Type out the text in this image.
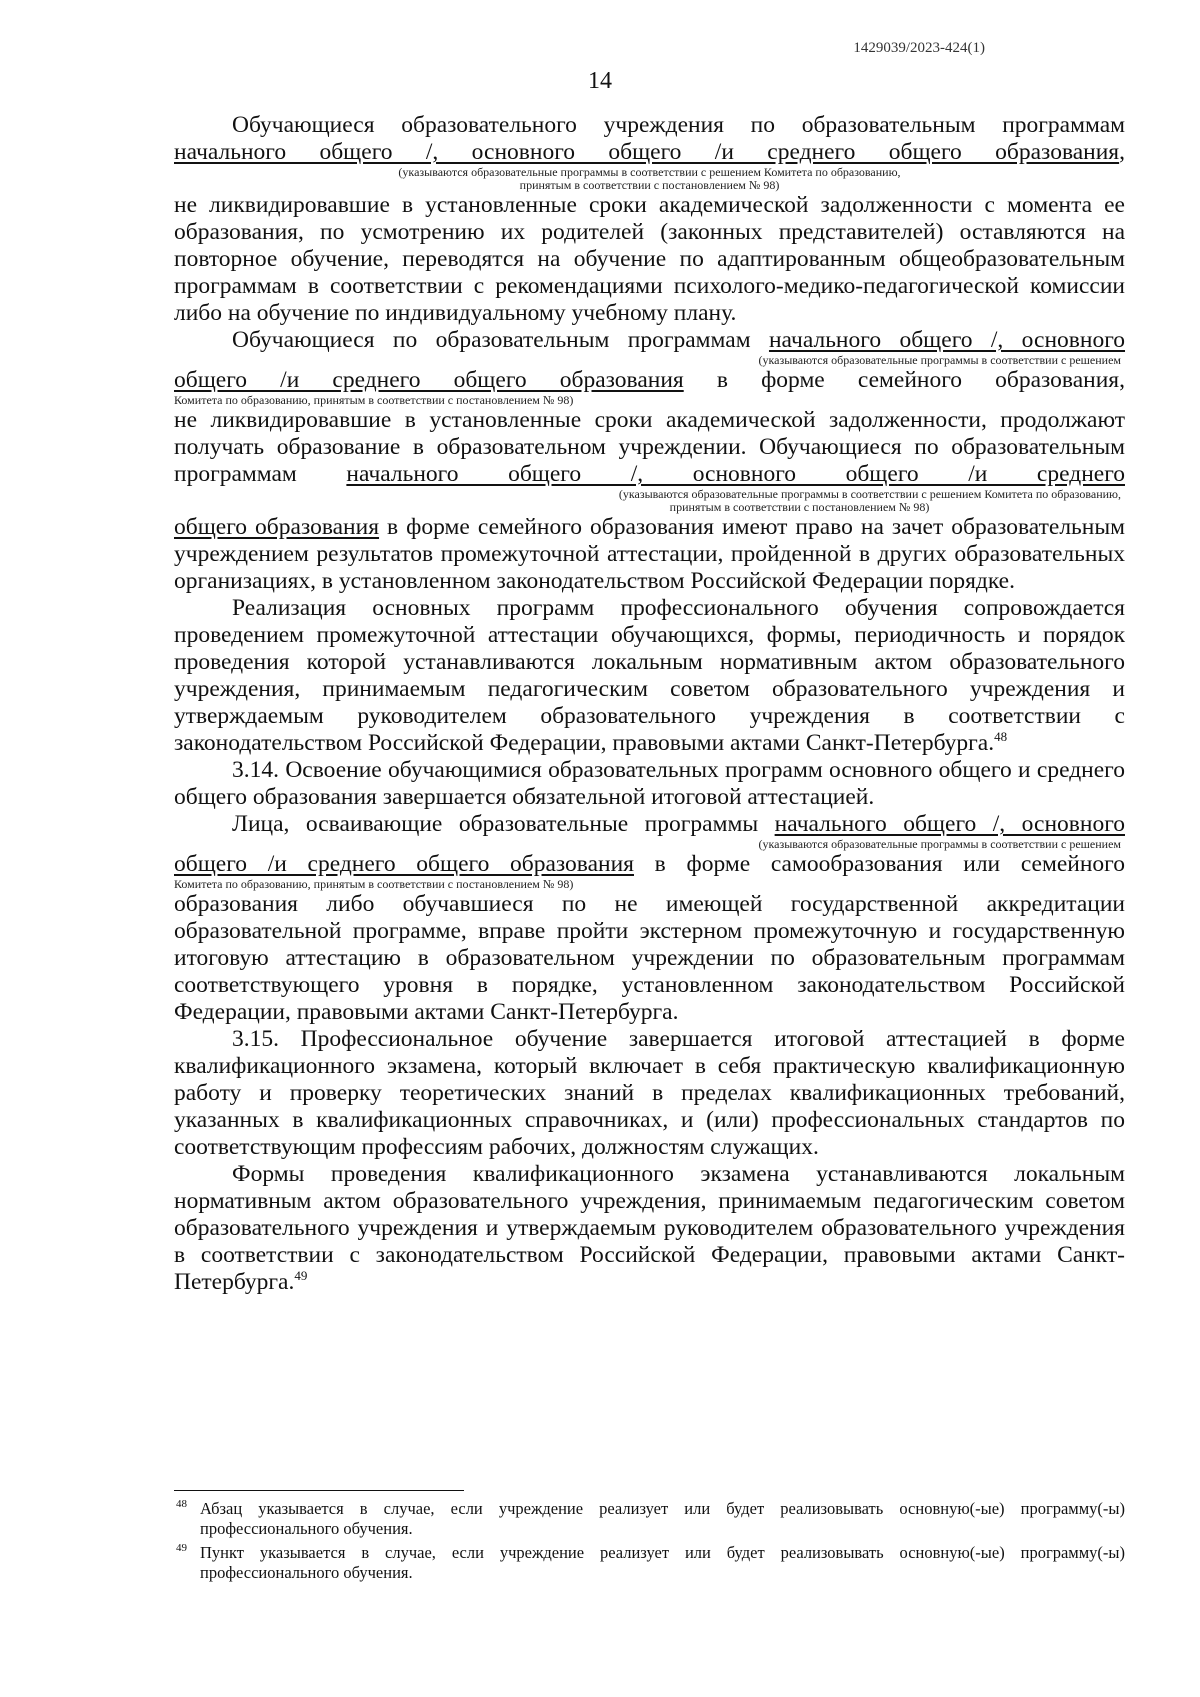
1429039/2023-424(1)
14

Обучающиеся образовательного учреждения по образовательным программам

начального общего /, основного общего /и среднего общего образования,

(указываются образовательные программы в соответствии с решением Комитета по образованию,

принятым в соответствии с постановлением № 98)

не ликвидировавшие в установленные сроки академической задолженности с момента ее образования, по усмотрению их родителей (законных представителей) оставляются на повторное обучение, переводятся на обучение по адаптированным общеобразовательным программам в соответствии с рекомендациями психолого-медико-педагогической комиссии либо на обучение по индивидуальному учебному плану.

Обучающиеся по образовательным программам начального общего /, основного

(указываются образовательные программы в соответствии с решением

общего /и среднего общего образования в форме семейного образования,

Комитета по образованию, принятым в соответствии с постановлением № 98)

не ликвидировавшие в установленные сроки академической задолженности, продолжают получать образование в образовательном учреждении. Обучающиеся по образовательным программам начального общего /, основного общего /и среднего

(указываются образовательные программы в соответствии с решением Комитета по образованию,

принятым в соответствии с постановлением № 98)

общего образования в форме семейного образования имеют право на зачет образовательным учреждением результатов промежуточной аттестации, пройденной в других образовательных организациях, в установленном законодательством Российской Федерации порядке.

Реализация основных программ профессионального обучения сопровождается проведением промежуточной аттестации обучающихся, формы, периодичность и порядок проведения которой устанавливаются локальным нормативным актом образовательного учреждения, принимаемым педагогическим советом образовательного учреждения и утверждаемым руководителем образовательного учреждения в соответствии с законодательством Российской Федерации, правовыми актами Санкт-Петербурга.$^{48}$

3.14. Освоение обучающимися образовательных программ основного общего и среднего общего образования завершается обязательной итоговой аттестацией.

Лица, осваивающие образовательные программы начального общего /, основного

(указываются образовательные программы в соответствии с решением

общего /и среднего общего образования в форме самообразования или семейного

Комитета по образованию, принятым в соответствии с постановлением № 98)

образования либо обучавшиеся по не имеющей государственной аккредитации образовательной программе, вправе пройти экстерном промежуточную и государственную итоговую аттестацию в образовательном учреждении по образовательным программам соответствующего уровня в порядке, установленном законодательством Российской Федерации, правовыми актами Санкт-Петербурга.

3.15. Профессиональное обучение завершается итоговой аттестацией в форме квалификационного экзамена, который включает в себя практическую квалификационную работу и проверку теоретических знаний в пределах квалификационных требований, указанных в квалификационных справочниках, и (или) профессиональных стандартов по соответствующим профессиям рабочих, должностям служащих.

Формы проведения квалификационного экзамена устанавливаются локальным нормативным актом образовательного учреждения, принимаемым педагогическим советом образовательного учреждения и утверждаемым руководителем образовательного учреждения в соответствии с законодательством Российской Федерации, правовыми актами Санкт-Петербурга.$^{49}$

48 Абзац указывается в случае, если учреждение реализует или будет реализовывать основную(-ые) программу(-ы) профессионального обучения.

49 Пункт указывается в случае, если учреждение реализует или будет реализовывать основную(-ые) программу(-ы) профессионального обучения.
